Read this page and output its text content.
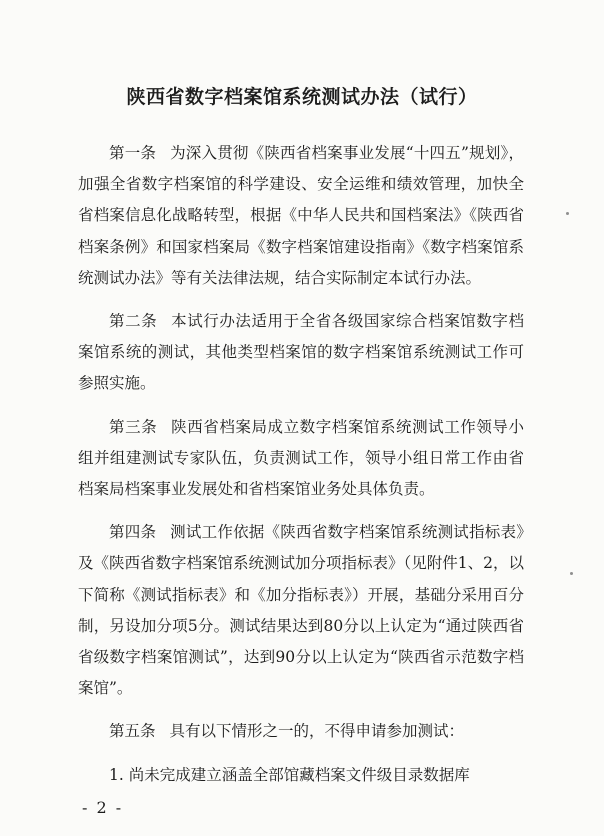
陕西省数字档案馆系统测试办法（试行）

第一条 为深入贯彻《陕西省档案事业发展“十四五”规划》，加强全省数字档案馆的科学建设、安全运维和绩效管理，加快全省档案信息化战略转型，根据《中华人民共和国档案法》《陕西省档案条例》和国家档案局《数字档案馆建设指南》《数字档案馆系统测试办法》等有关法律法规，结合实际制定本试行办法。

第二条 本试行办法适用于全省各级国家综合档案馆数字档案馆系统的测试，其他类型档案馆的数字档案馆系统测试工作可参照实施。

第三条 陕西省档案局成立数字档案馆系统测试工作领导小组并组建测试专家队伍，负责测试工作，领导小组日常工作由省档案局档案事业发展处和省档案馆业务处具体负责。

第四条 测试工作依据《陕西省数字档案馆系统测试指标表》及《陕西省数字档案馆系统测试加分项指标表》（见附件1、2，以下简称《测试指标表》和《加分指标表》）开展，基础分采用百分制，另设加分项5分。测试结果达到80分以上认定为“通过陕西省省级数字档案馆测试”，达到90分以上认定为“陕西省示范数字档案馆”。

第五条 具有以下情形之一的，不得申请参加测试：

1. 尚未完成建立涵盖全部馆藏档案文件级目录数据库

- 2 -
